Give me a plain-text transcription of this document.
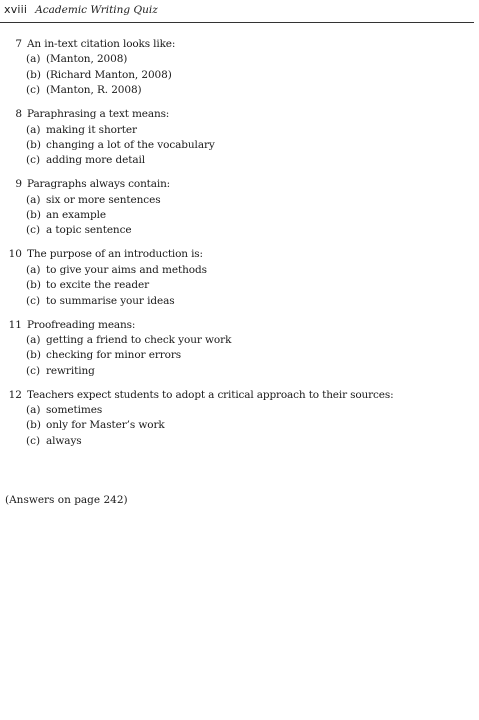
xviii Academic Writing Quiz
7 An in-text citation looks like:
(a) (Manton, 2008)
(b) (Richard Manton, 2008)
(c) (Manton, R. 2008)
8 Paraphrasing a text means:
(a) making it shorter
(b) changing a lot of the vocabulary
(c) adding more detail
9 Paragraphs always contain:
(a) six or more sentences
(b) an example
(c) a topic sentence
10 The purpose of an introduction is:
(a) to give your aims and methods
(b) to excite the reader
(c) to summarise your ideas
11 Proofreading means:
(a) getting a friend to check your work
(b) checking for minor errors
(c) rewriting
12 Teachers expect students to adopt a critical approach to their sources:
(a) sometimes
(b) only for Master’s work
(c) always
(Answers on page 242)
